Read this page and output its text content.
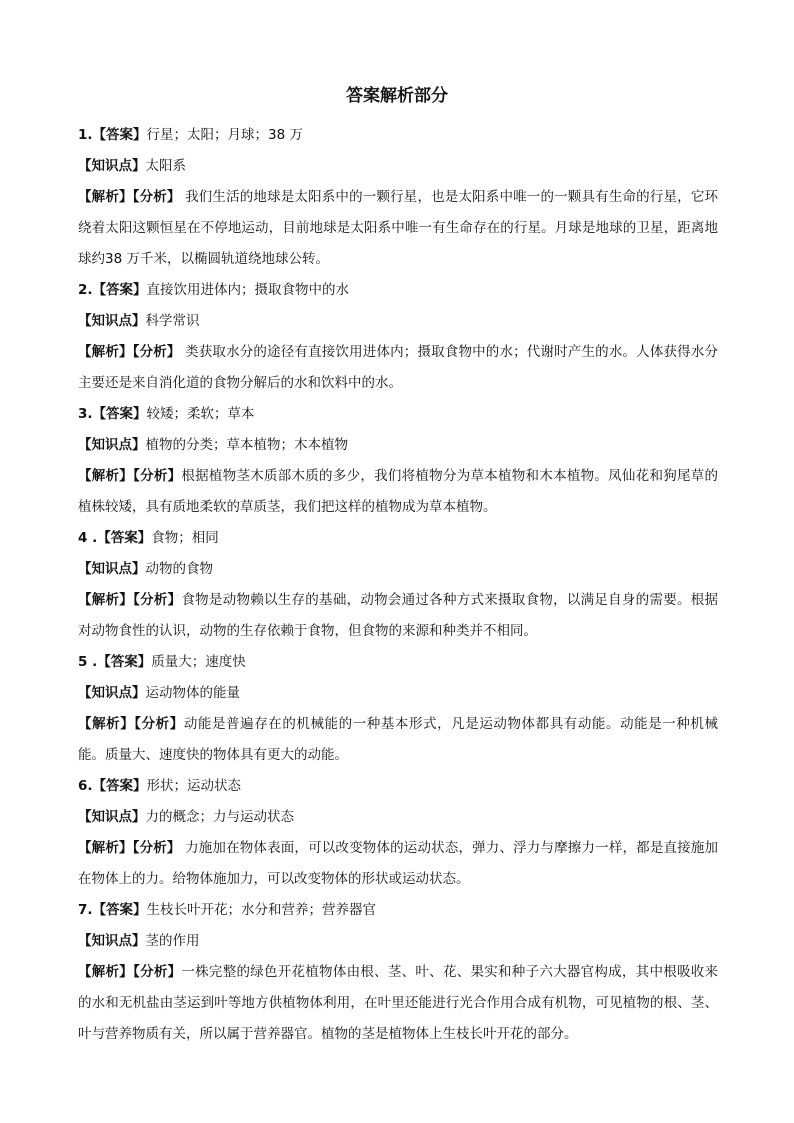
答案解析部分
1.【答案】行星；太阳；月球；38 万
【知识点】太阳系
【解析】【分析】 我们生活的地球是太阳系中的一颗行星，也是太阳系中唯一的一颗具有生命的行星，它环绕着太阳这颗恒星在不停地运动，目前地球是太阳系中唯一有生命存在的行星。月球是地球的卫星，距离地球约38 万千米，以椭圆轨道绕地球公转。
2.【答案】直接饮用进体内；摄取食物中的水
【知识点】科学常识
【解析】【分析】 类获取水分的途径有直接饮用进体内；摄取食物中的水；代谢时产生的水。人体获得水分主要还是来自消化道的食物分解后的水和饮料中的水。
3.【答案】较矮；柔软；草本
【知识点】植物的分类；草本植物；木本植物
【解析】【分析】根据植物茎木质部木质的多少，我们将植物分为草本植物和木本植物。凤仙花和狗尾草的植株较矮，具有质地柔软的草质茎，我们把这样的植物成为草本植物。
4 .【答案】食物；相同
【知识点】动物的食物
【解析】【分析】食物是动物赖以生存的基础，动物会通过各种方式来摄取食物，以满足自身的需要。根据对动物食性的认识，动物的生存依赖于食物，但食物的来源和种类并不相同。
5 .【答案】质量大；速度快
【知识点】运动物体的能量
【解析】【分析】动能是普遍存在的机械能的一种基本形式，凡是运动物体都具有动能。动能是一种机械能。质量大、速度快的物体具有更大的动能。
6.【答案】形状；运动状态
【知识点】力的概念；力与运动状态
【解析】【分析】 力施加在物体表面，可以改变物体的运动状态，弹力、浮力与摩擦力一样，都是直接施加在物体上的力。给物体施加力，可以改变物体的形状或运动状态。
7.【答案】生枝长叶开花；水分和营养；营养器官
【知识点】茎的作用
【解析】【分析】一株完整的绿色开花植物体由根、茎、叶、花、果实和种子六大器官构成，其中根吸收来的水和无机盐由茎运到叶等地方供植物体利用，在叶里还能进行光合作用合成有机物，可见植物的根、茎、叶与营养物质有关，所以属于营养器官。植物的茎是植物体上生枝长叶开花的部分。
